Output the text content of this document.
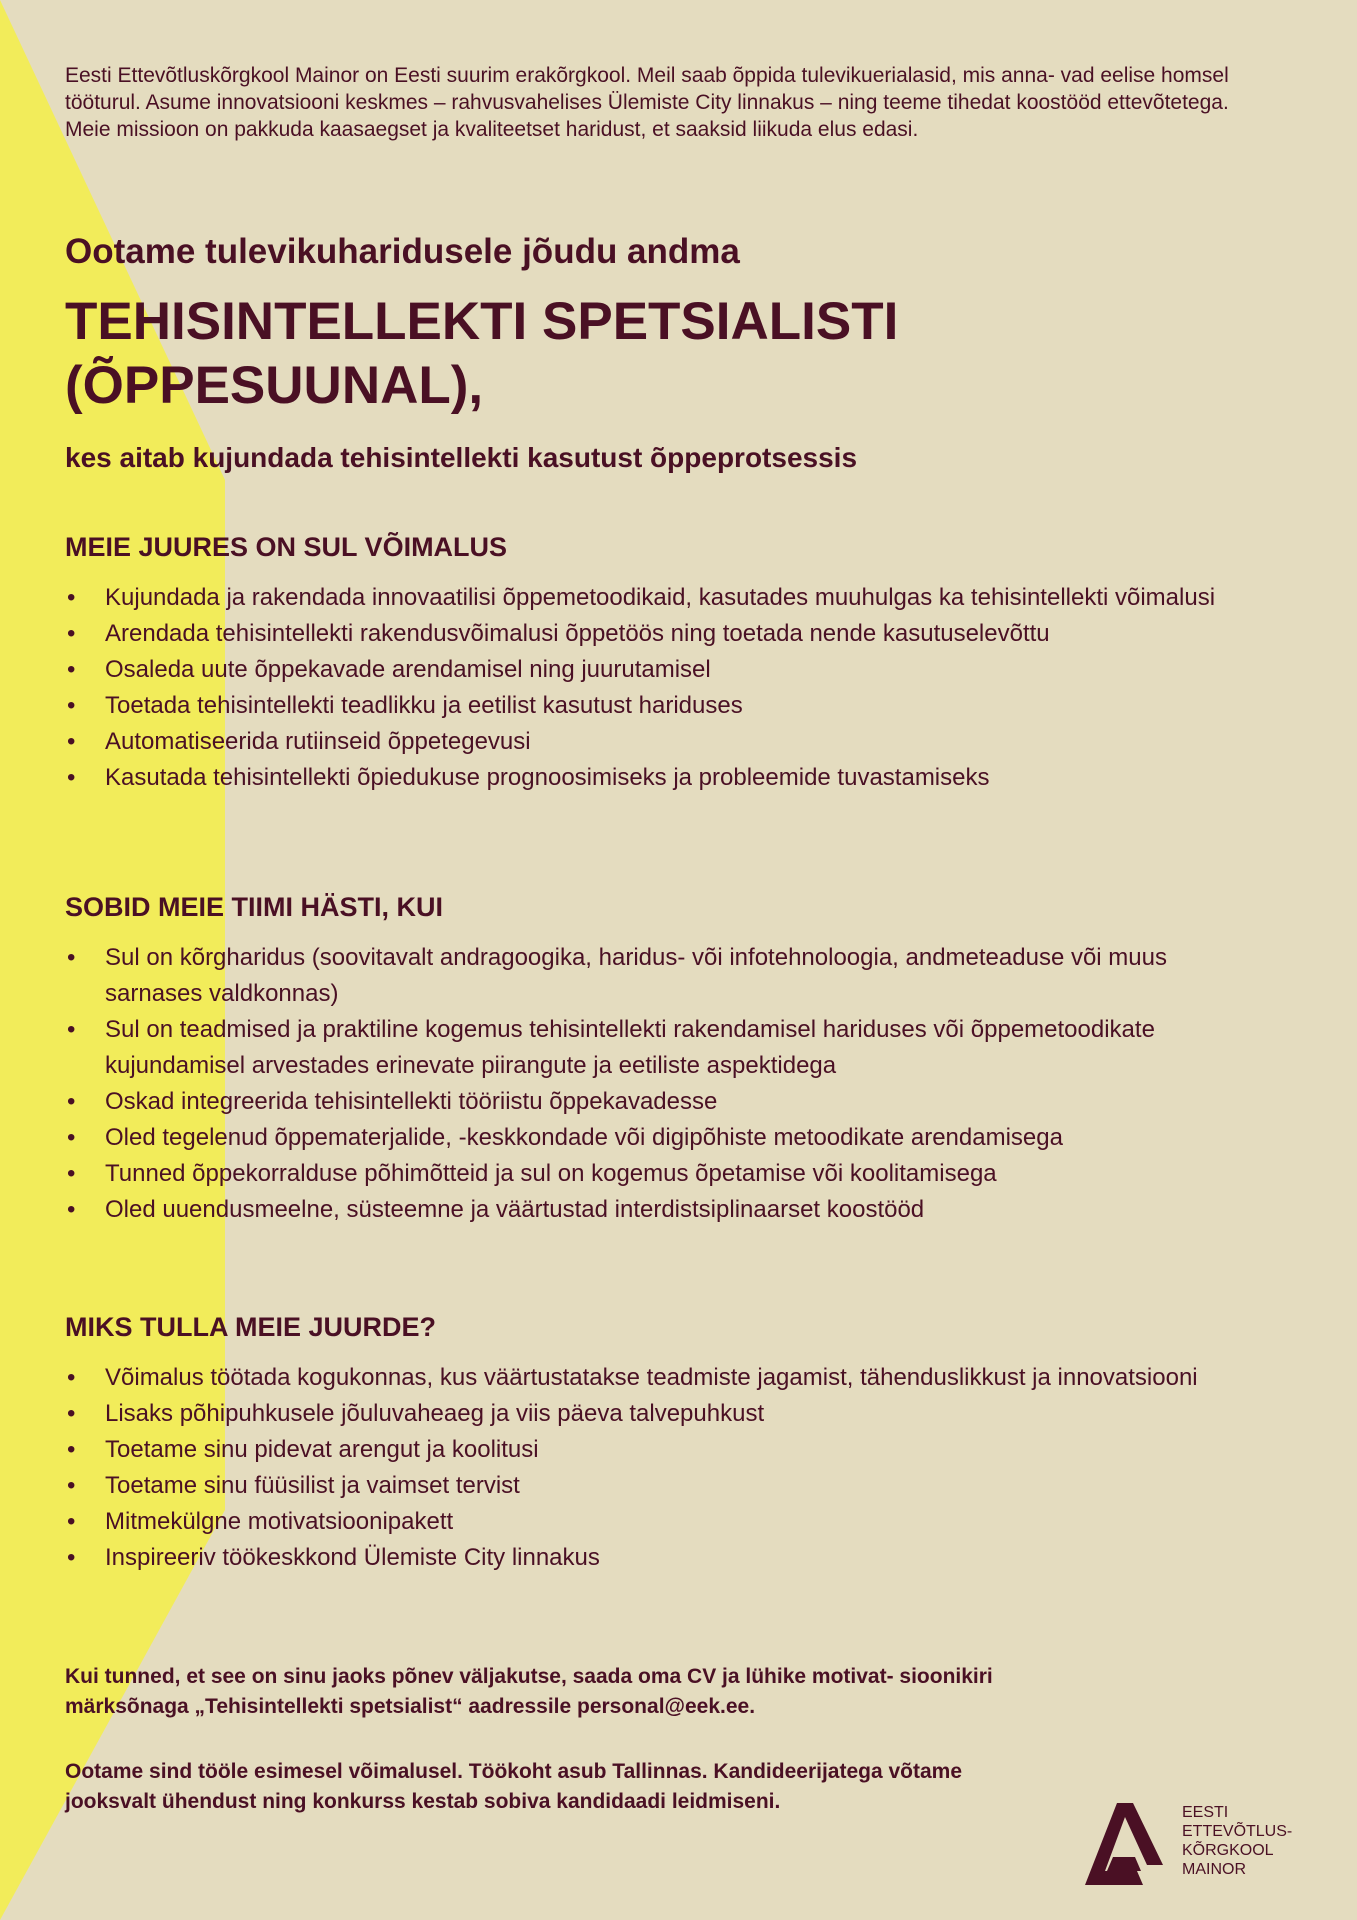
Eesti Ettevõtluskõrgkool Mainor on Eesti suurim erakõrgkool. Meil saab õppida tulevikuerialasid, mis anna- vad eelise homsel tööturul. Asume innovatsiooni keskmes – rahvusvahelises Ülemiste City linnakus – ning teeme tihedat koostööd ettevõtetega. Meie missioon on pakkuda kaasaegset ja kvaliteetset haridust, et saaksid liikuda elus edasi.

Ootame tulevikuharidusele jõudu andma

TEHISINTELLEKTI SPETSIALISTI
(ÕPPESUUNAL),

kes aitab kujundada tehisintellekti kasutust õppeprotsessis

MEIE JUURES ON SUL VÕIMALUS
• Kujundada ja rakendada innovaatilisi õppemetoodikaid, kasutades muuhulgas ka tehisintellekti võimalusi
• Arendada tehisintellekti rakendusvõimalusi õppetöös ning toetada nende kasutuselevõttu
• Osaleda uute õppekavade arendamisel ning juurutamisel
• Toetada tehisintellekti teadlikku ja eetilist kasutust hariduses
• Automatiseerida rutiinseid õppetegevusi
• Kasutada tehisintellekti õpiedukuse prognoosimiseks ja probleemide tuvastamiseks
SOBID MEIE TIIMI HÄSTI, KUI
• Sul on kõrgharidus (soovitavalt andragoogika, haridus- või infotehnoloogia, andmeteaduse või muus sarnases valdkonnas)
• Sul on teadmised ja praktiline kogemus tehisintellekti rakendamisel hariduses või õppemetoodikate kujundamisel arvestades erinevate piirangute ja eetiliste aspektidega
• Oskad integreerida tehisintellekti tööriistu õppekavadesse
• Oled tegelenud õppematerjalide, -keskkondade või digipõhiste metoodikate arendamisega
• Tunned õppekorralduse põhimõtteid ja sul on kogemus õpetamise või koolitamisega
• Oled uuendusmeelne, süsteemne ja väärtustad interdistsiplinaarset koostööd
MIKS TULLA MEIE JUURDE?
• Võimalus töötada kogukonnas, kus väärtustatakse teadmiste jagamist, tähenduslikkust ja innovatsiooni
• Lisaks põhipuhkusele jõuluvaheaeg ja viis päeva talvepuhkust
• Toetame sinu pidevat arengut ja koolitusi
• Toetame sinu füüsilist ja vaimset tervist
• Mitmekülgne motivatsioonipakett
• Inspireeriv töökeskkond Ülemiste City linnakus

Kui tunned, et see on sinu jaoks põnev väljakutse, saada oma CV ja lühike motivat- sioonikiri märksõnaga „Tehisintellekti spetsialist“ aadressile personal@eek.ee.

Ootame sind tööle esimesel võimalusel. Töökoht asub Tallinnas. Kandideerijatega võtame jooksvalt ühendust ning konkurss kestab sobiva kandidaadi leidmiseni.	EESTI
ETTEVÕTLUS-
KÕRGKOOL
MAINOR
